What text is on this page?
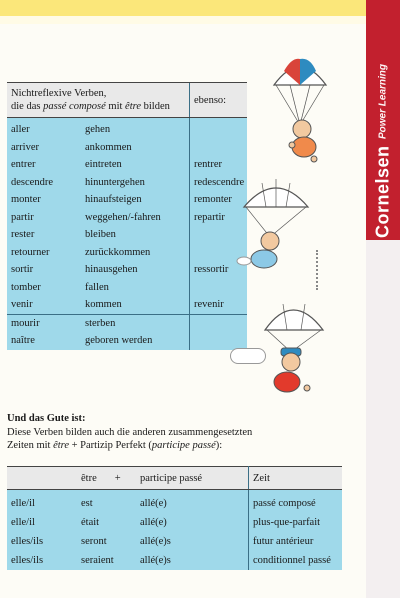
Cornelsen
Power Learning
Nichtreflexive Verben,
die das passé composé mit être bilden		ebenso:
aller	gehen	
arriver	ankommen	
entrer	eintreten	rentrer
descendre	hinuntergehen	redescendre
monter	hinaufsteigen	remonter
partir	weggehen/-fahren	repartir
rester	bleiben	
retourner	zurückkommen	
sortir	hinausgehen	ressortir
tomber	fallen	
venir	kommen	revenir
mourir	sterben	
naître	geboren werden	
Und das Gute ist:
Diese Verben bilden auch die anderen zusammengesetzten
Zeiten mit être + Partizip Perfekt (participe passé):
	être +	participe passé	Zeit

elle/il	est	allé(e)	passé composé
elle/il	était	allé(e)	plus-que-parfait
elles/ils	seront	allé(e)s	futur antérieur
elles/ils	seraient	allé(e)s	conditionnel passé
